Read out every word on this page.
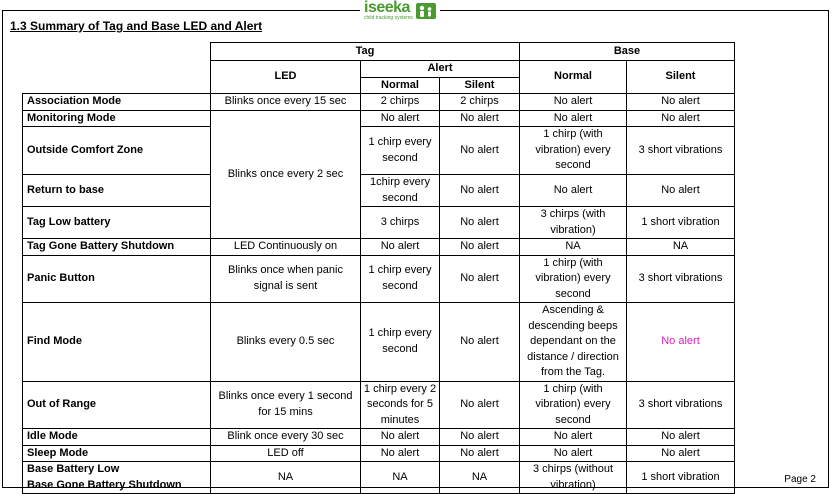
iseeka
child tracking systems
1.3 Summary of Tag and Base LED and Alert
	Tag			Base	
	LED	Alert		Normal	Silent
		Normal	Silent		
Association Mode	Blinks once every 15 sec	2 chirps	2 chirps	No alert	No alert
Monitoring Mode	Blinks once every 2 sec	No alert	No alert	No alert	No alert
Outside Comfort Zone		1 chirp every second	No alert	1 chirp (with vibration) every second	3 short vibrations
Return to base		1chirp every second	No alert	No alert	No alert
Tag Low battery		3 chirps	No alert	3 chirps (with vibration)	1 short vibration
Tag Gone Battery Shutdown	LED Continuously on	No alert	No alert	NA	NA
Panic Button	Blinks once when panic signal is sent	1 chirp every second	No alert	1 chirp (with vibration) every second	3 short vibrations
Find Mode	Blinks every 0.5 sec	1 chirp every second	No alert	Ascending & descending beeps dependant on the distance / direction from the Tag.	No alert
Out of Range	Blinks once every 1 second for 15 mins	1 chirp every 2 seconds for 5 minutes	No alert	1 chirp (with vibration) every second	3 short vibrations
Idle Mode	Blink once every 30 sec	No alert	No alert	No alert	No alert
Sleep Mode	LED off	No alert	No alert	No alert	No alert

Base Battery Low
Base Gone Battery Shutdown	NA	NA	NA	3 chirps (without vibration)	1 short vibration	Page 2
